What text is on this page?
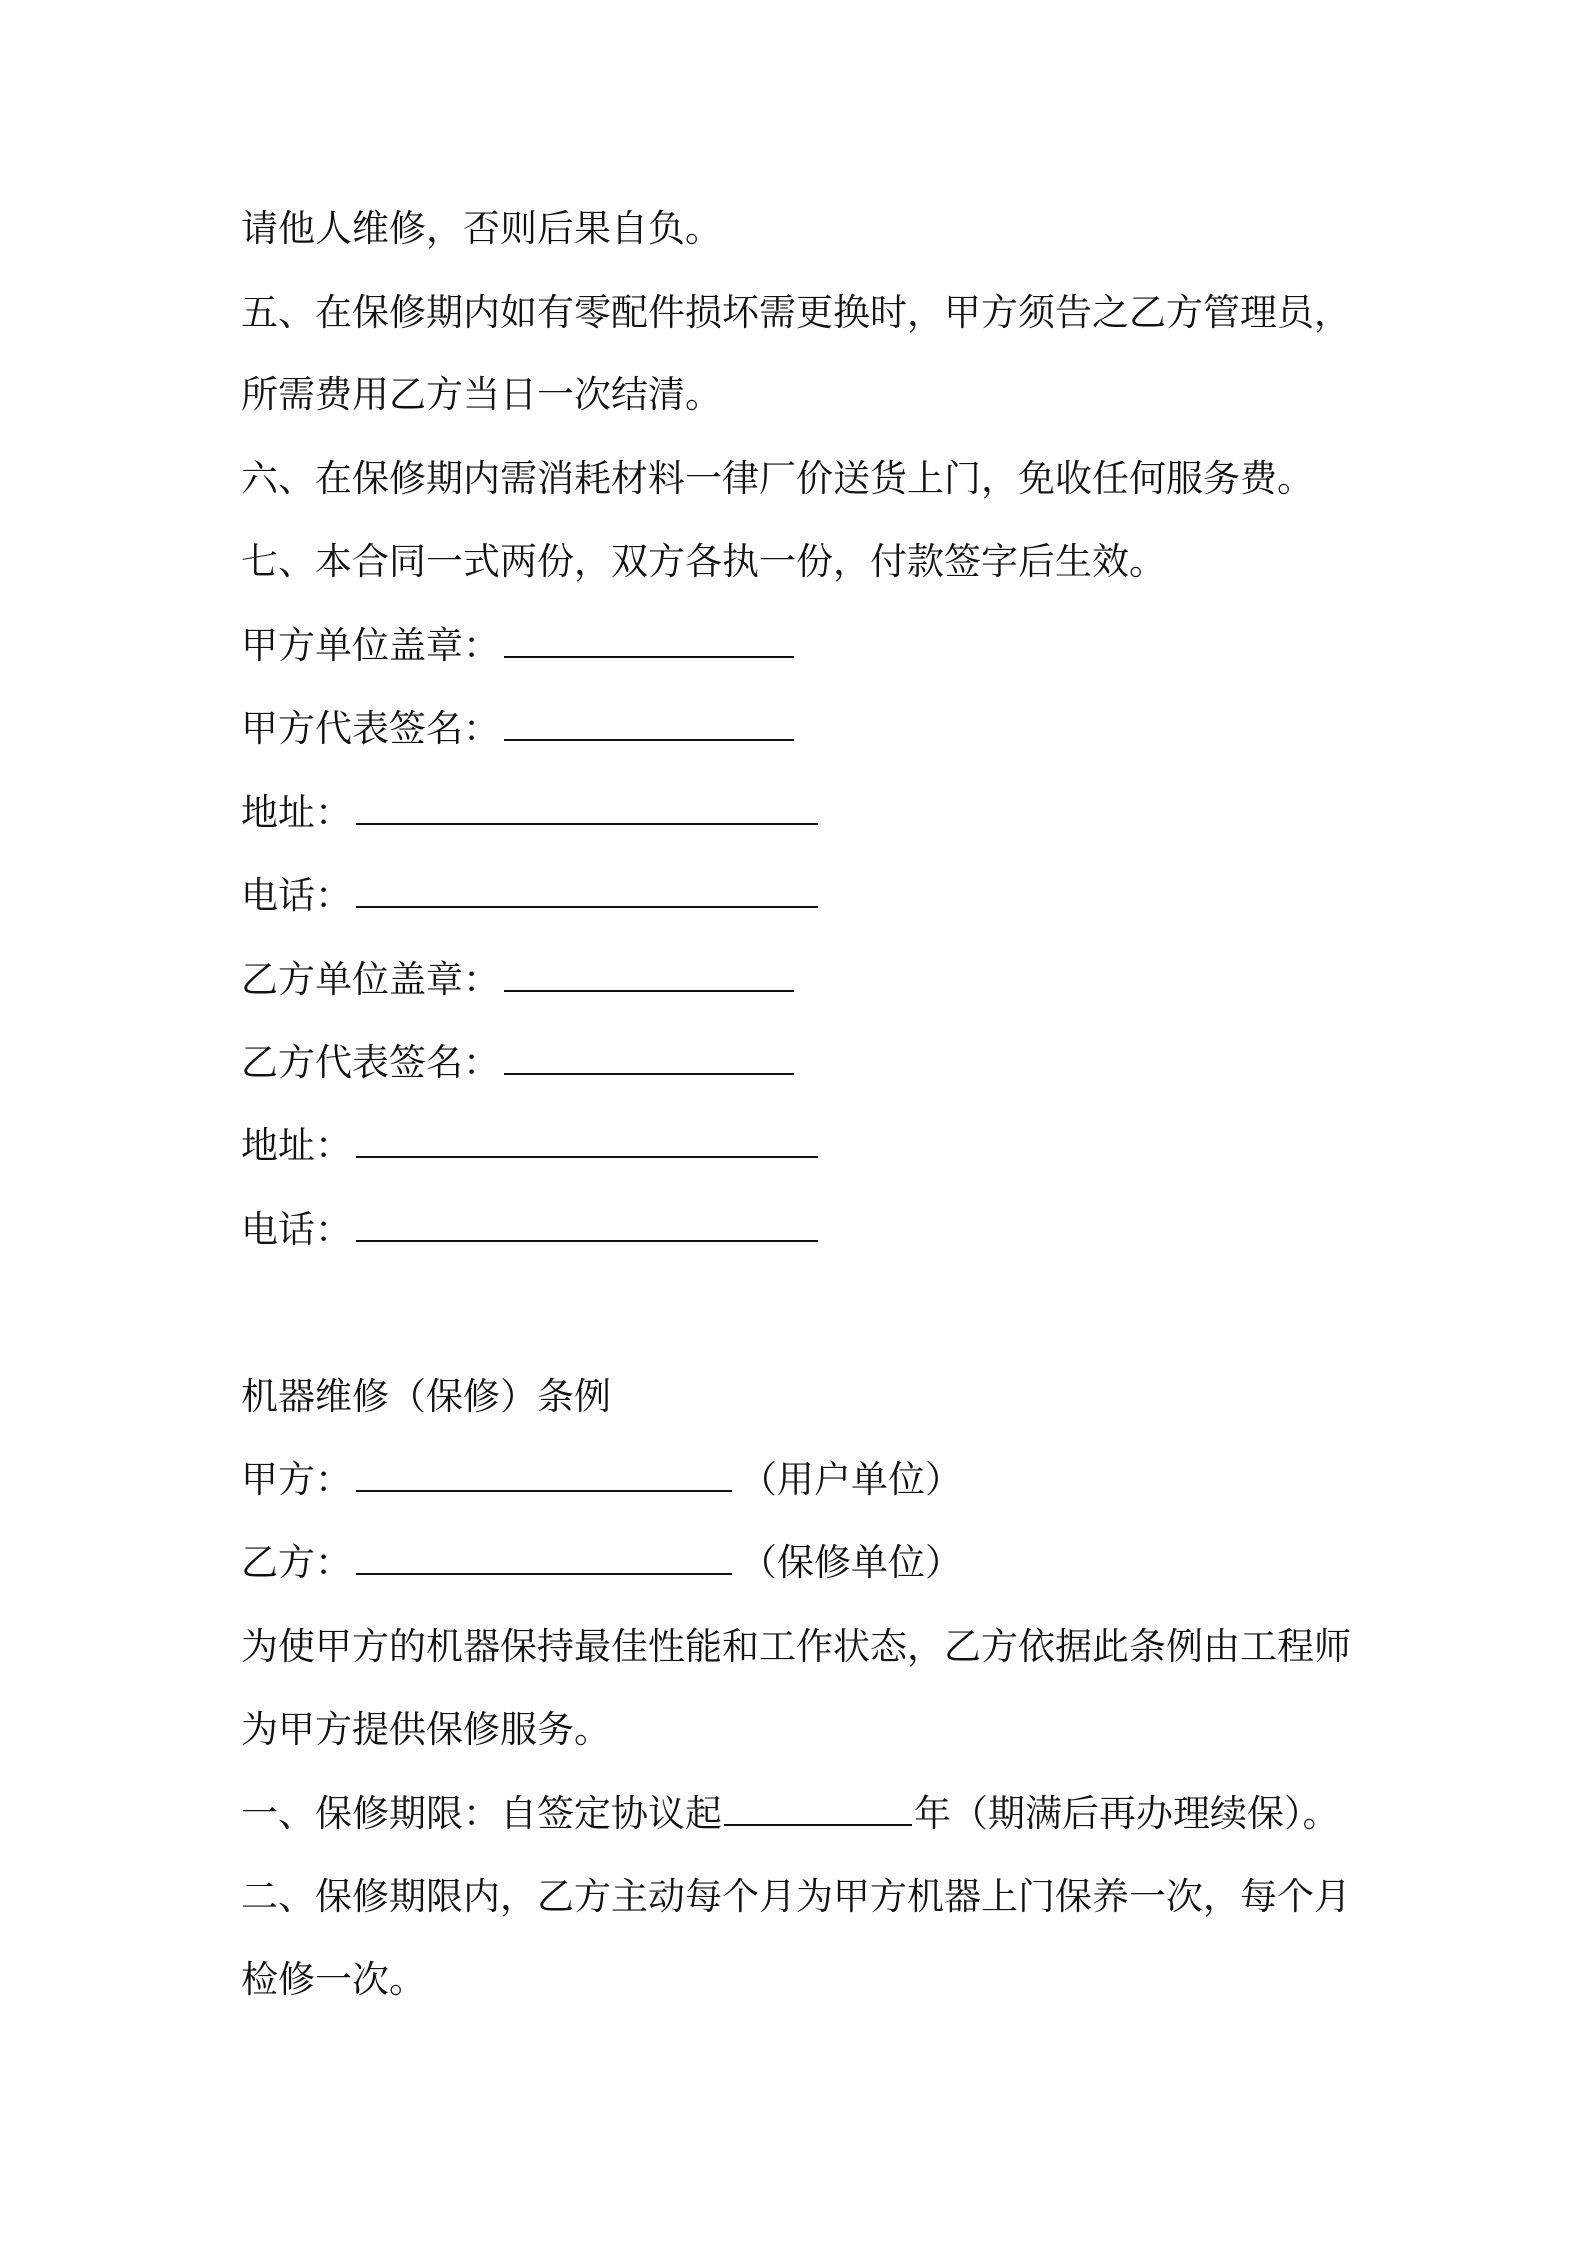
请他人维修，否则后果自负。
五、在保修期内如有零配件损坏需更换时，甲方须告之乙方管理员，
所需费用乙方当日一次结清。
六、在保修期内需消耗材料一律厂价送货上门，免收任何服务费。
七、本合同一式两份，双方各执一份，付款签字后生效。
甲方单位盖章：
甲方代表签名：
地址：
电话：
乙方单位盖章：
乙方代表签名：
地址：
电话：
机器维修（保修）条例
甲方：	（用户单位）
乙方：	（保修单位）
为使甲方的机器保持最佳性能和工作状态，乙方依据此条例由工程师
为甲方提供保修服务。
一、保修期限：自签定协议起	年（期满后再办理续保）。
二、保修期限内，乙方主动每个月为甲方机器上门保养一次，每个月
检修一次。
